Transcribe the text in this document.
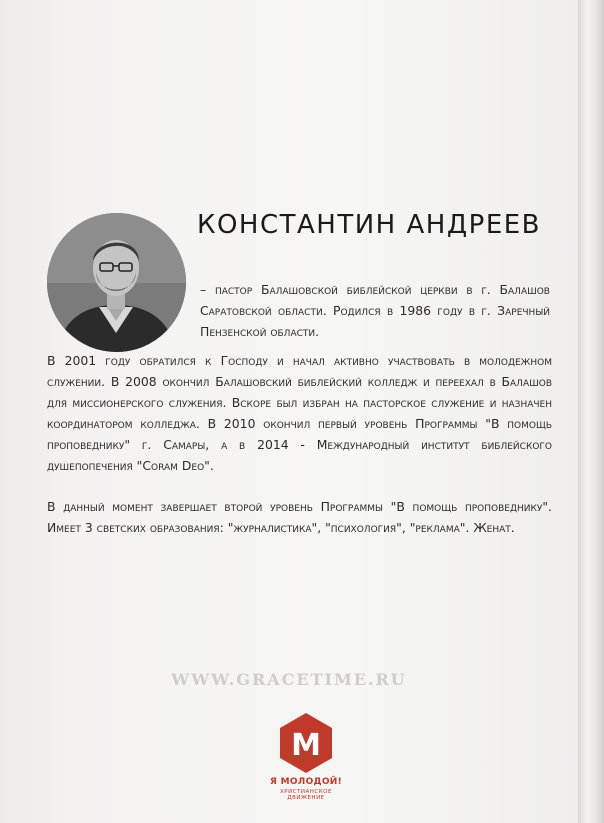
КОНСТАНТИН АНДРЕЕВ

– пастор Балашовской библейской церкви в г. Балашов Саратовской области. Родился в 1986 году в г. Заречный Пензенской области.

В 2001 году обратился к Господу и начал активно участвовать в молодежном служении. В 2008 окончил Балашовский библейский колледж и переехал в Балашов для миссионерского служения. Вскоре был избран на пасторское служение и назначен координатором колледжа. В 2010 окончил первый уровень Программы "В помощь проповеднику" г. Самары, а в 2014 - Международный институт библейского душепопечения "Coram Deo".

В данный момент завершает второй уровень Программы "В помощь проповеднику". Имеет 3 светских образования: "журналистика", "психология", "реклама". Женат.

WWW.GRACETIME.RU

М

Я МОЛОДОЙ!

ХРИСТИАНСКОЕ ДВИЖЕНИЕ
